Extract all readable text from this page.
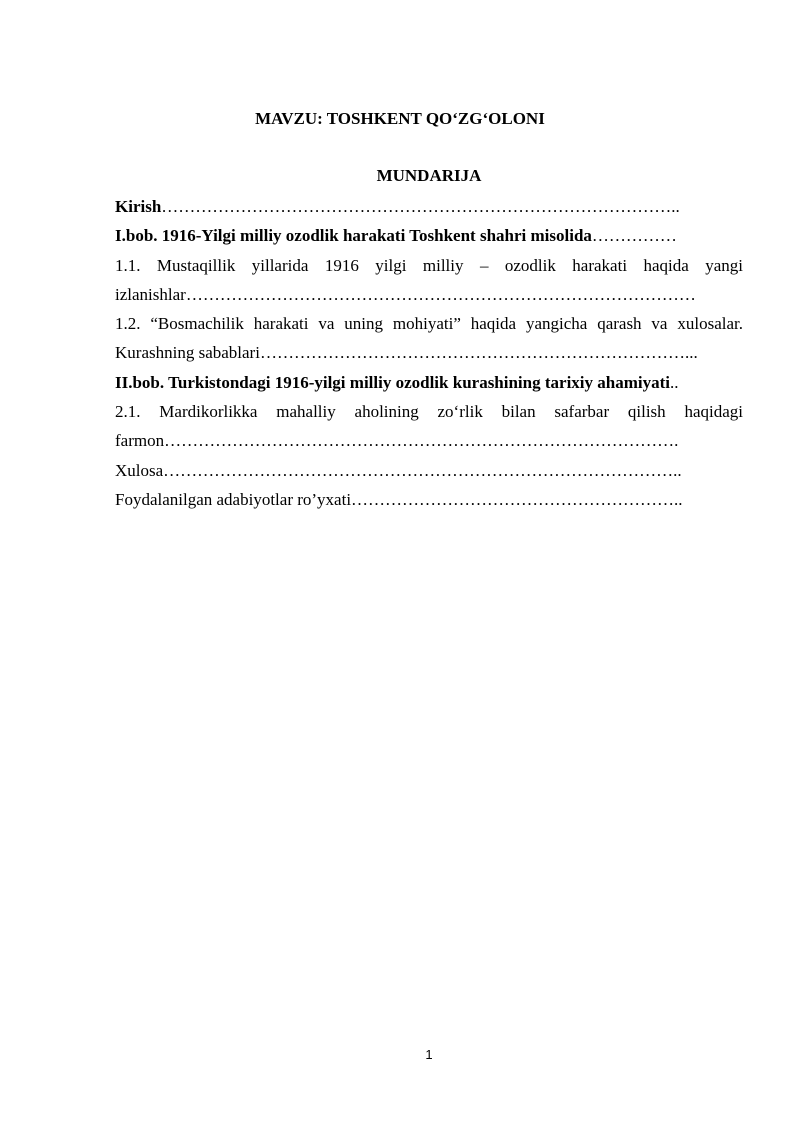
MAVZU: TOSHKENT QO‘ZG‘OLONI

MUNDARIJA

Kirish………………………………………………………………………………..

I.bob. 1916-Yilgi milliy ozodlik harakati Toshkent shahri misolida……………

1.1. Mustaqillik yillarida 1916 yilgi milliy – ozodlik harakati haqida yangi izlanishlar………………………………………………………………………………

1.2. “Bosmachilik harakati va uning mohiyati” haqida yangicha qarash va xulosalar. Kurashning sabablari…………………………………………………………………...

II.bob. Turkistondagi 1916-yilgi milliy ozodlik kurashining tarixiy ahamiyati..

2.1. Mardikorlikka mahalliy aholining zo‘rlik bilan safarbar qilish haqidagi farmon……………………………………………………………………………….

Xulosa………………………………………………………………………………..

Foydalanilgan adabiyotlar ro’yxati…………………………………………………..

1
